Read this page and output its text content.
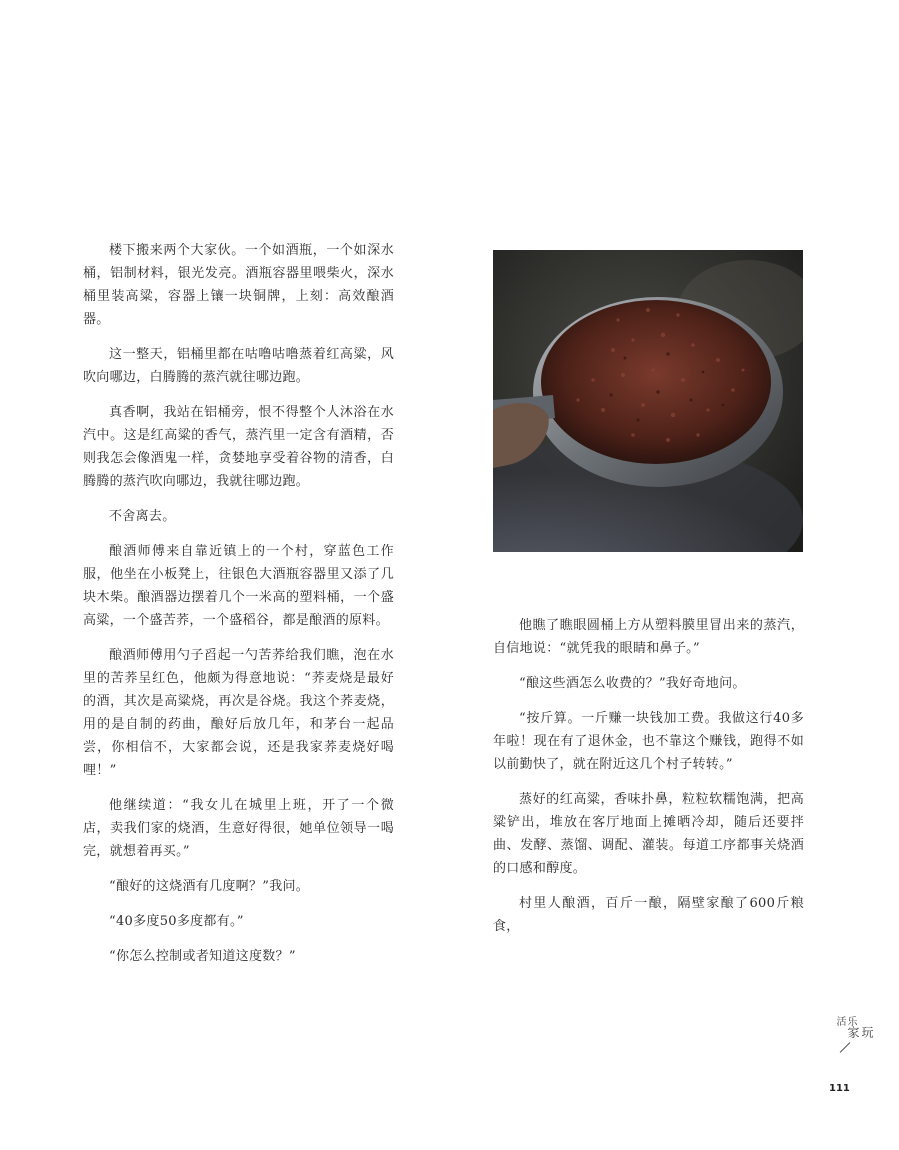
楼下搬来两个大家伙。一个如酒瓶，一个如深水桶，铝制材料，银光发亮。酒瓶容器里喂柴火，深水桶里装高粱，容器上镶一块铜牌，上刻：高效酿酒器。

这一整天，铝桶里都在咕噜咕噜蒸着红高粱，风吹向哪边，白腾腾的蒸汽就往哪边跑。

真香啊，我站在铝桶旁，恨不得整个人沐浴在水汽中。这是红高粱的香气，蒸汽里一定含有酒精，否则我怎会像酒鬼一样，贪婪地享受着谷物的清香，白腾腾的蒸汽吹向哪边，我就往哪边跑。

不舍离去。

酿酒师傅来自靠近镇上的一个村，穿蓝色工作服，他坐在小板凳上，往银色大酒瓶容器里又添了几块木柴。酿酒器边摆着几个一米高的塑料桶，一个盛高粱，一个盛苦荞，一个盛稻谷，都是酿酒的原料。

酿酒师傅用勺子舀起一勺苦荞给我们瞧，泡在水里的苦荞呈红色，他颇为得意地说：“荞麦烧是最好的酒，其次是高粱烧，再次是谷烧。我这个荞麦烧，用的是自制的药曲，酿好后放几年，和茅台一起品尝，你相信不，大家都会说，还是我家荞麦烧好喝哩！”

他继续道：“我女儿在城里上班，开了一个微店，卖我们家的烧酒，生意好得很，她单位领导一喝完，就想着再买。”

“酿好的这烧酒有几度啊？”我问。

“40多度50多度都有。”

“你怎么控制或者知道这度数？”

他瞧了瞧眼圆桶上方从塑料膜里冒出来的蒸汽，自信地说：“就凭我的眼睛和鼻子。”

“酿这些酒怎么收费的？”我好奇地问。

“按斤算。一斤赚一块钱加工费。我做这行40多年啦！现在有了退休金，也不靠这个赚钱，跑得不如以前勤快了，就在附近这几个村子转转。”

蒸好的红高粱，香味扑鼻，粒粒软糯饱满，把高粱铲出，堆放在客厅地面上摊晒冷却，随后还要拌曲、发酵、蒸馏、调配、灌装。每道工序都事关烧酒的口感和醇度。

村里人酿酒，百斤一酿，隔壁家酿了600斤粮食，

乐活
玩家
111
